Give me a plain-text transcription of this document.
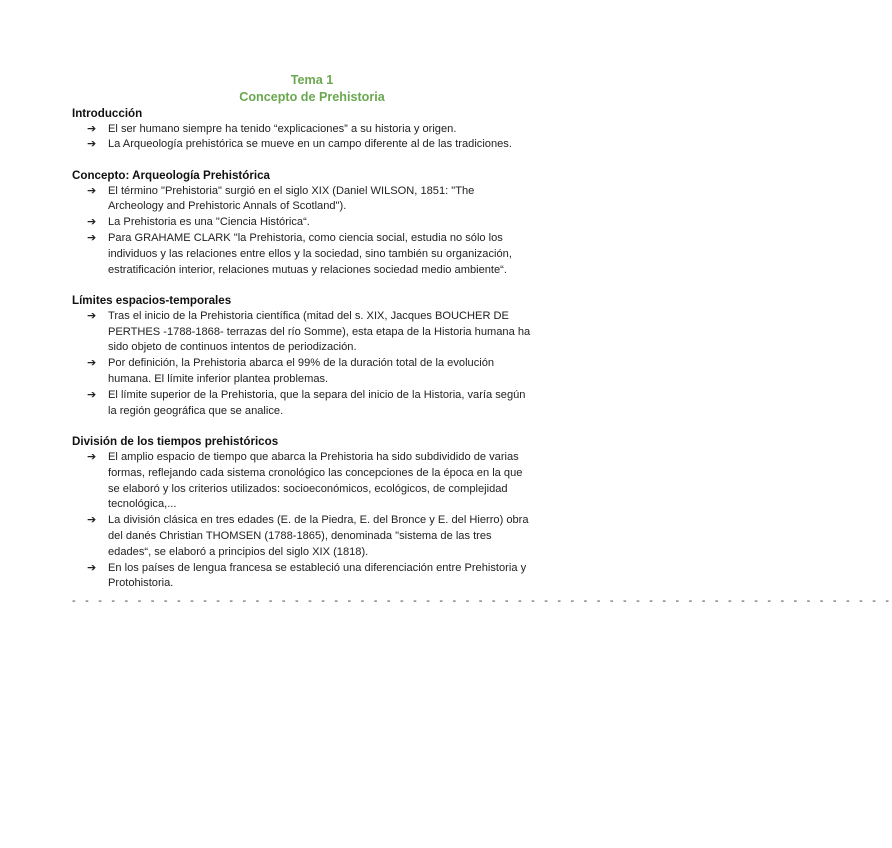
Tema 1
Concepto de Prehistoria
Introducción
➔ El ser humano siempre ha tenido “explicaciones” a su historia y origen.
➔ La Arqueología prehistórica se mueve en un campo diferente al de las tradiciones.
Concepto: Arqueología Prehistórica
➔ El término "Prehistoria" surgió en el siglo XIX (Daniel WILSON, 1851: "The Archeology and Prehistoric Annals of Scotland").
➔ La Prehistoria es una "Ciencia Histórica“.
➔ Para GRAHAME CLARK "la Prehistoria, como ciencia social, estudia no sólo los individuos y las relaciones entre ellos y la sociedad, sino también su organización, estratificación interior, relaciones mutuas y relaciones sociedad medio ambiente“.
Límites espacios-temporales
➔ Tras el inicio de la Prehistoria científica (mitad del s. XIX, Jacques BOUCHER DE PERTHES -1788-1868- terrazas del río Somme), esta etapa de la Historia humana ha sido objeto de continuos intentos de periodización.
➔ Por definición, la Prehistoria abarca el 99% de la duración total de la evolución humana. El límite inferior plantea problemas.
➔ El límite superior de la Prehistoria, que la separa del inicio de la Historia, varía según la región geográfica que se analice.
División de los tiempos prehistóricos
➔ El amplio espacio de tiempo que abarca la Prehistoria ha sido subdividido de varias formas, reflejando cada sistema cronológico las concepciones de la época en la que se elaboró y los criterios utilizados: socioeconómicos, ecológicos, de complejidad tecnológica,...
➔ La división clásica en tres edades (E. de la Piedra, E. del Bronce y E. del Hierro) obra del danés Christian THOMSEN (1788-1865), denominada "sistema de las tres edades“, se elaboró a principios del siglo XIX (1818).
➔ En los países de lengua francesa se estableció una diferenciación entre Prehistoria y Protohistoria.
- - - - - - - - - - - - - - - - - - - - - - - - - - - - - - - - - - - - - - - - - - - - - - - - - - - - - - - - - - - - - - -
